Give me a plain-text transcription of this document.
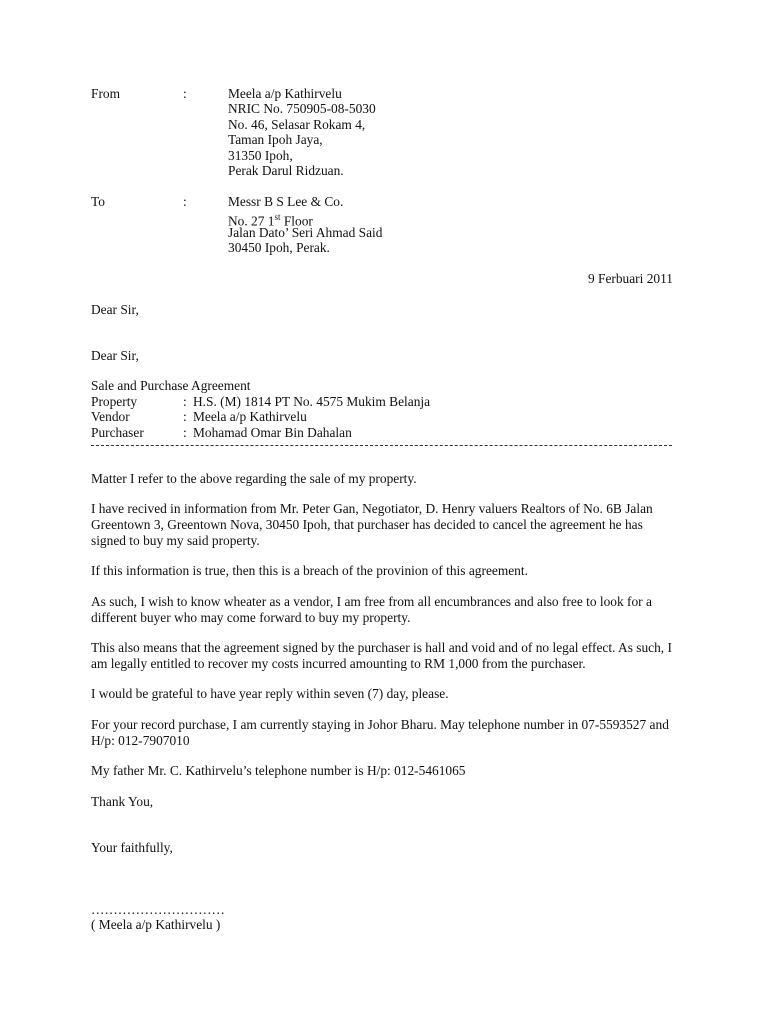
From	:	Meela a/p Kathirvelu
NRIC No. 750905-08-5030
No. 46, Selasar Rokam 4,
Taman Ipoh Jaya,
31350 Ipoh,
Perak Darul Ridzuan.
To	:	Messr B S Lee & Co.
No. 27 1st Floor
Jalan Dato’ Seri Ahmad Said
30450 Ipoh, Perak.
9 Ferbuari 2011
Dear Sir,
Dear Sir,
Sale and Purchase Agreement
Property	: H.S. (M) 1814 PT No. 4575 Mukim Belanja
Vendor	: Meela a/p Kathirvelu
Purchaser	: Mohamad Omar Bin Dahalan

Matter I refer to the above regarding the sale of my property.

I have recived in information from Mr. Peter Gan, Negotiator, D. Henry valuers Realtors of No. 6B Jalan Greentown 3, Greentown Nova, 30450 Ipoh, that purchaser has decided to cancel the agreement he has signed to buy my said property.

If this information is true, then this is a breach of the provinion of this agreement.

As such, I wish to know wheater as a vendor, I am free from all encumbrances and also free to look for a different buyer who may come forward to buy my property.

This also means that the agreement signed by the purchaser is hall and void and of no legal effect. As such, I am legally entitled to recover my costs incurred amounting to RM 1,000 from the purchaser.

I would be grateful to have year reply within seven (7) day, please.

For your record purchase, I am currently staying in Johor Bharu. May telephone number in 07-5593527 and H/p: 012-7907010

My father Mr. C. Kathirvelu’s telephone number is H/p: 012-5461065

Thank You,
Your faithfully,
…………………………
( Meela a/p Kathirvelu )
